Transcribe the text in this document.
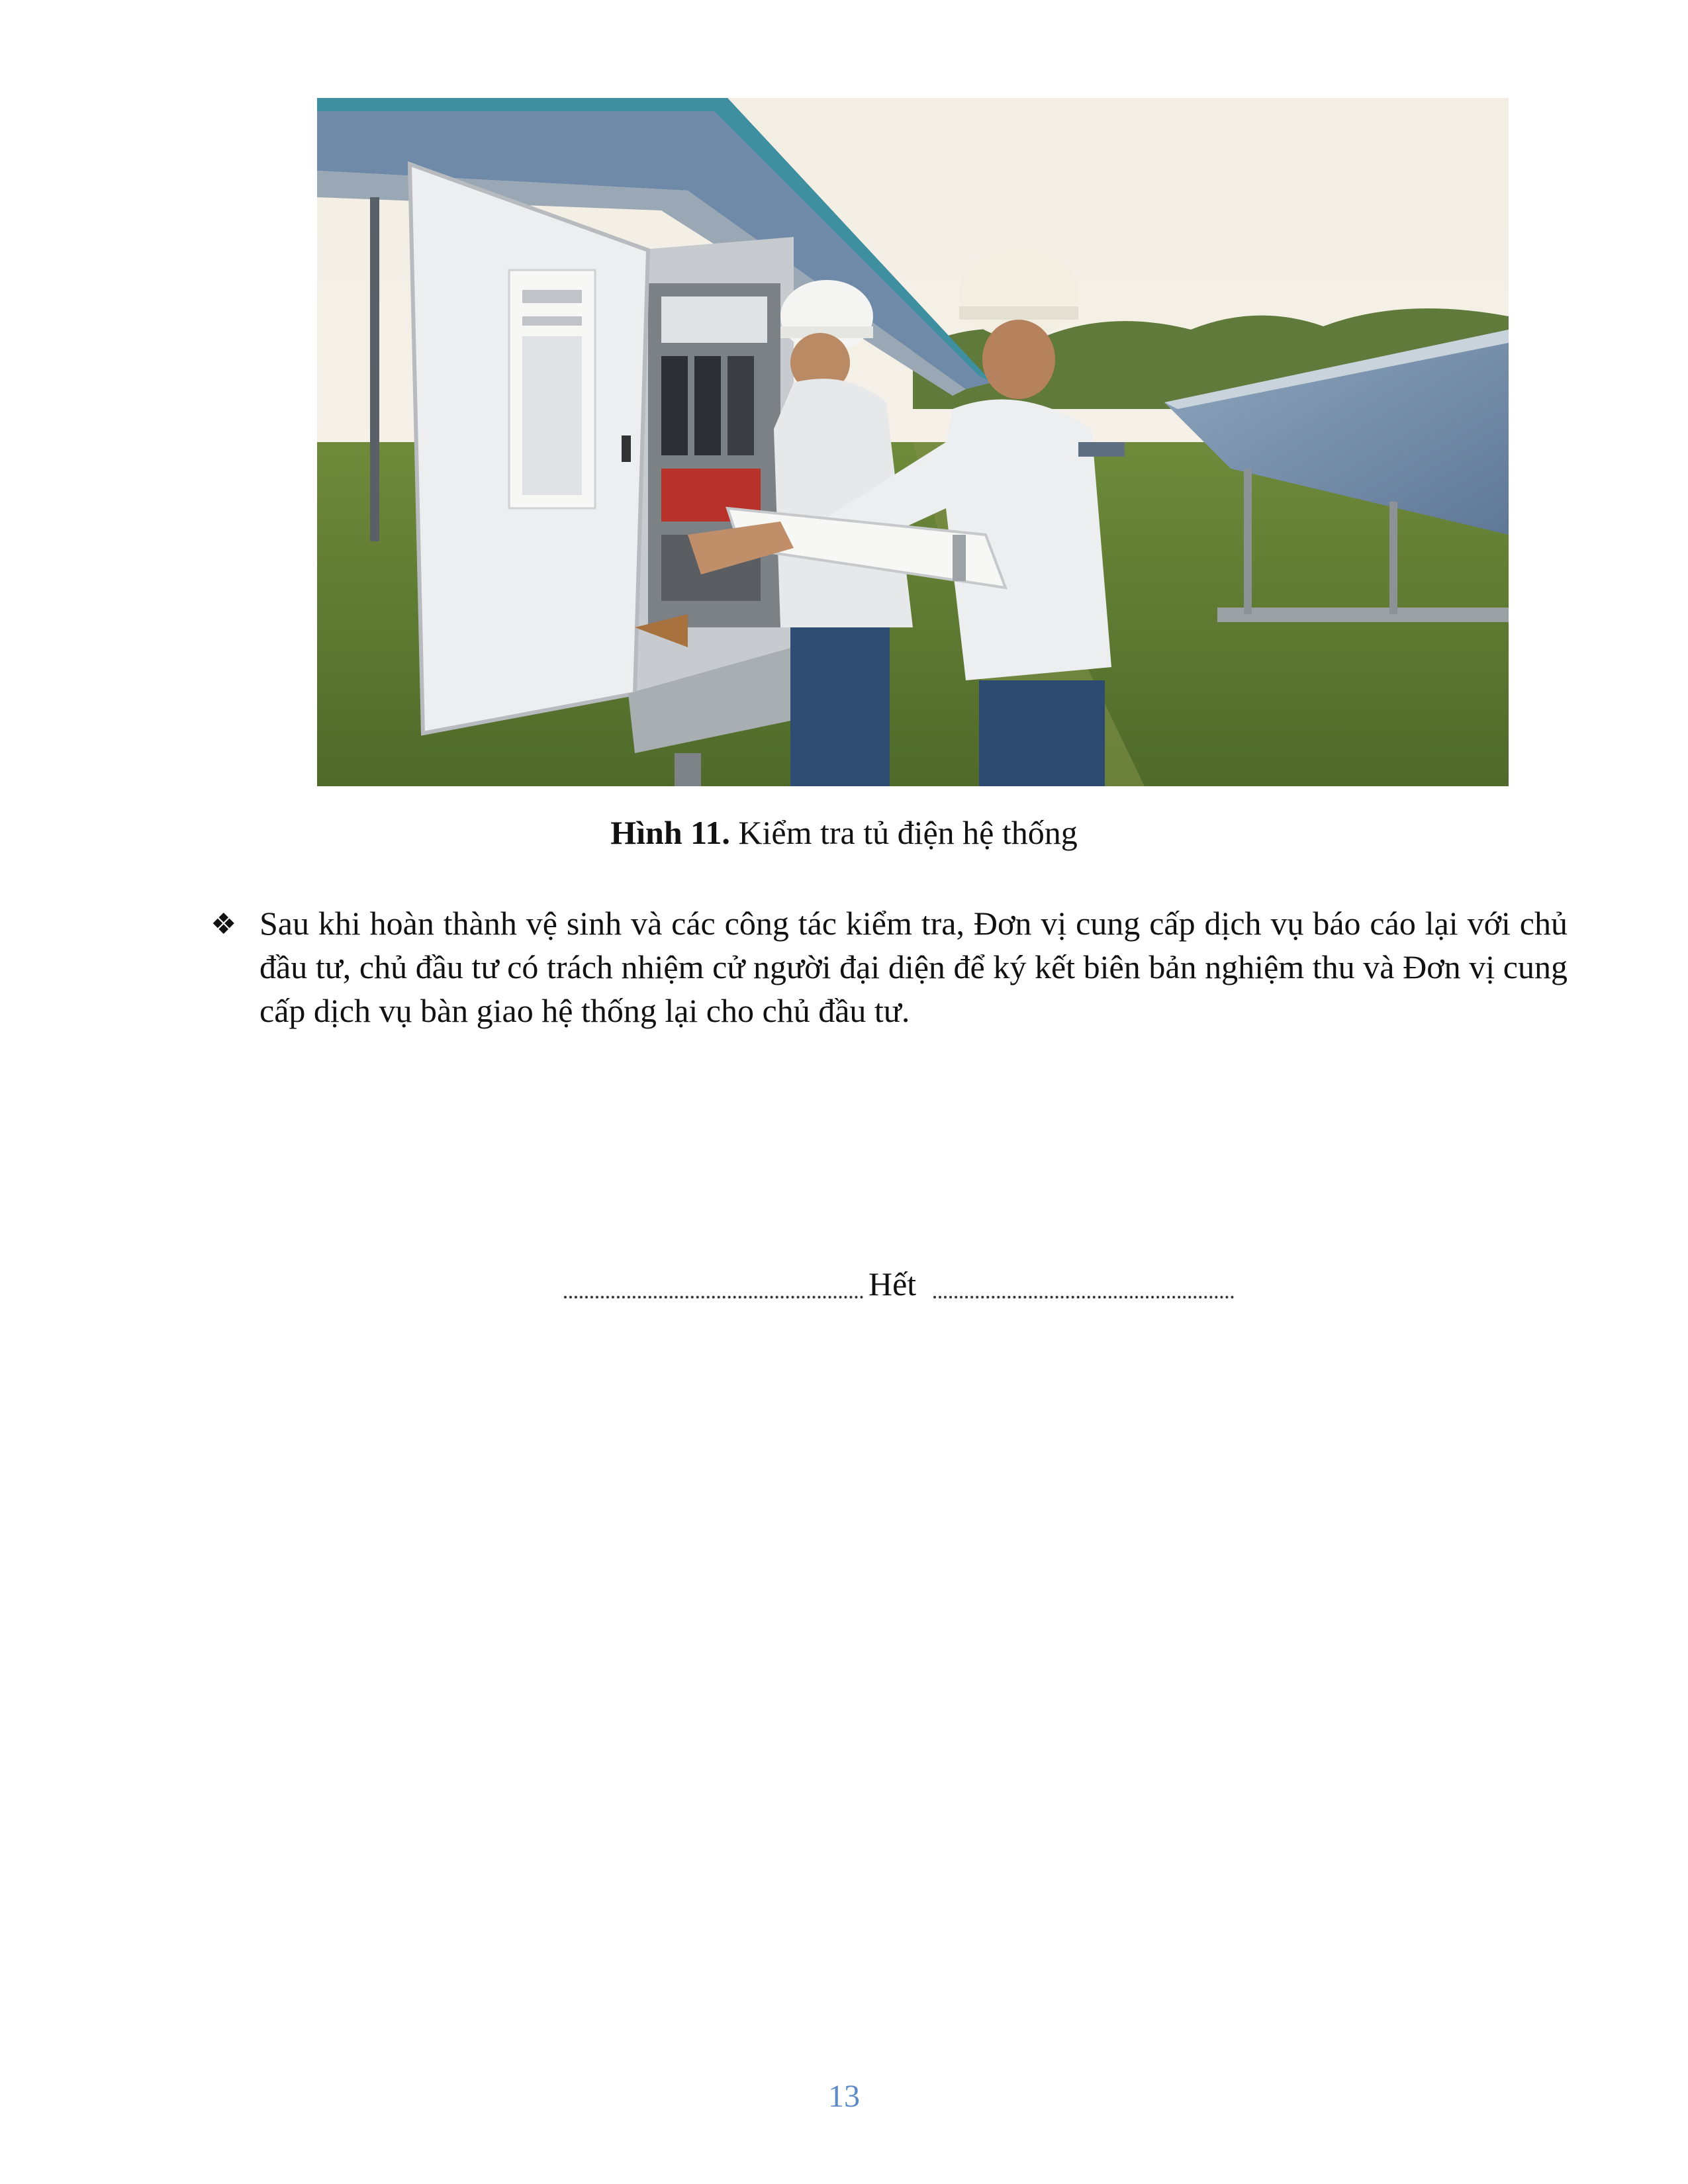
Hình 11. Kiểm tra tủ điện hệ thống
❖ Sau khi hoàn thành vệ sinh và các công tác kiểm tra, Đơn vị cung cấp dịch vụ báo cáo lại với chủ đầu tư, chủ đầu tư có trách nhiệm cử người đại diện để ký kết biên bản nghiệm thu và Đơn vị cung cấp dịch vụ bàn giao hệ thống lại cho chủ đầu tư.
Hết
13
